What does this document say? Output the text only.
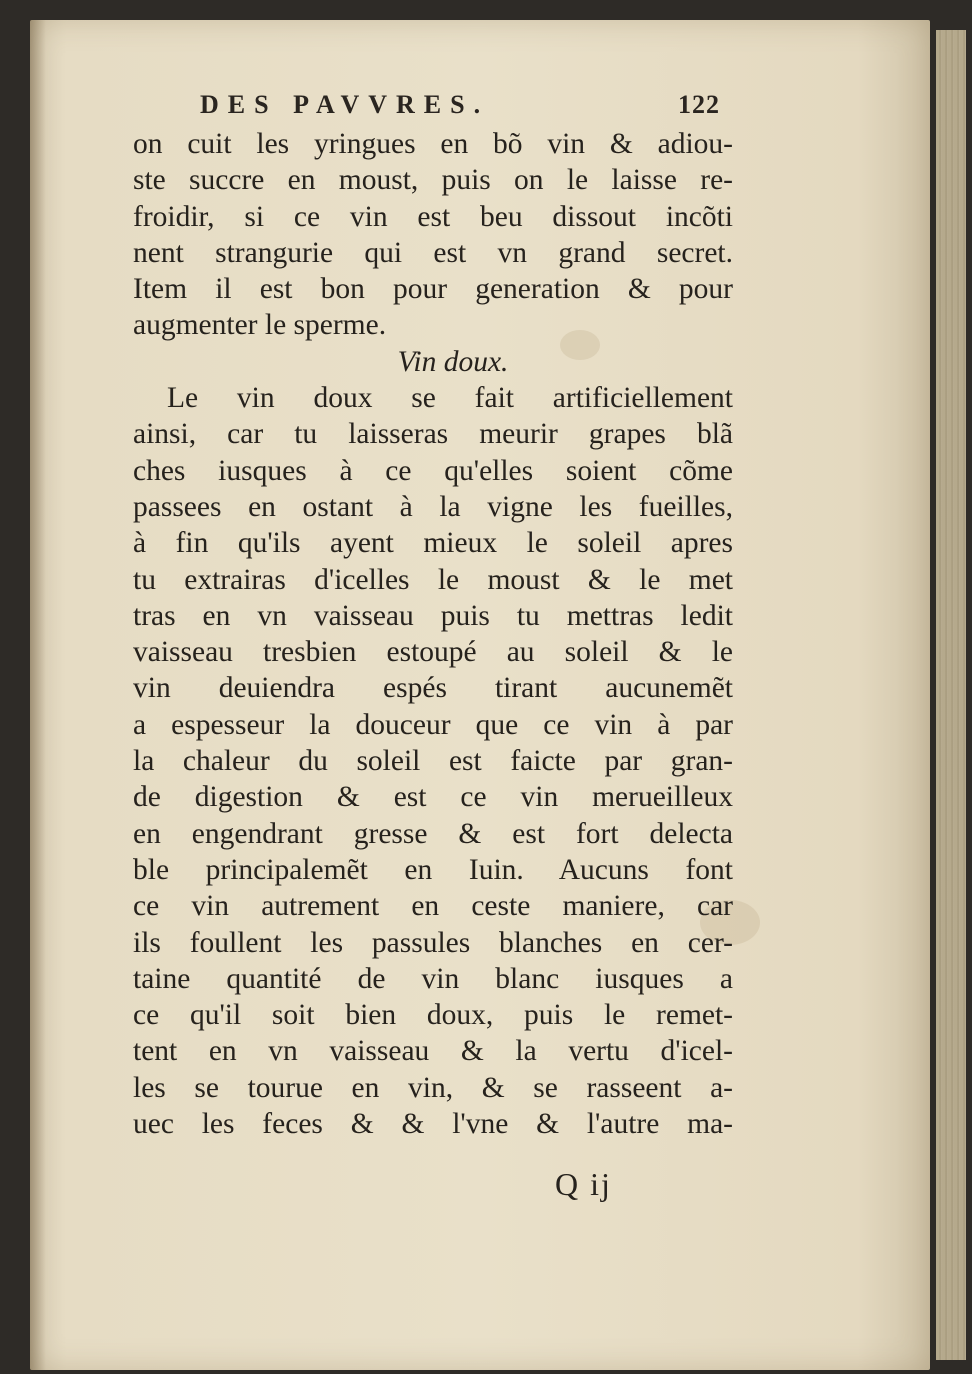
DES PAVVRES.	122
on cuit les yringues en bõ vin & adiou-
ste succre en moust, puis on le laisse re-
froidir, si ce vin est beu dissout incõti
nent strangurie qui est vn grand secret.
Item il est bon pour generation & pour
augmenter le sperme.
Vin doux.
Le vin doux se fait artificiellement
ainsi, car tu laisseras meurir grapes blã
ches iusques à ce qu'elles soient cõme
passees en ostant à la vigne les fueilles,
à fin qu'ils ayent mieux le soleil apres
tu extrairas d'icelles le moust & le met
tras en vn vaisseau puis tu mettras ledit
vaisseau tresbien estoupé au soleil & le
vin deuiendra espés tirant aucunemẽt
a espesseur la douceur que ce vin à par
la chaleur du soleil est faicte par gran-
de digestion & est ce vin merueilleux
en engendrant gresse & est fort delecta
ble principalemẽt en Iuin. Aucuns font
ce vin autrement en ceste maniere, car
ils foullent les passules blanches en cer-
taine quantité de vin blanc iusques a
ce qu'il soit bien doux, puis le remet-
tent en vn vaisseau & la vertu d'icel-
les se tourue en vin, & se rasseent a-
uec les feces & & l'vne & l'autre ma-
Q ij
